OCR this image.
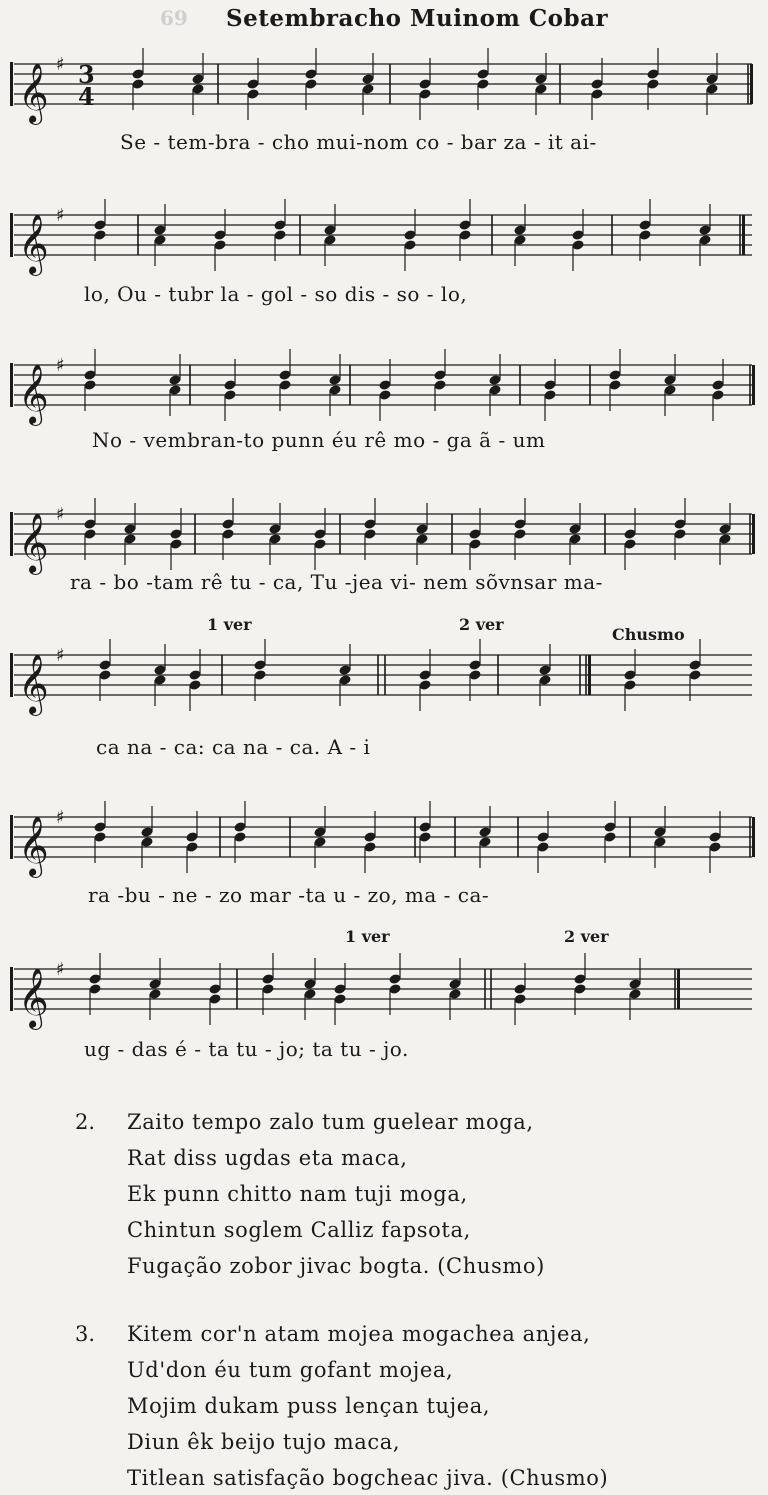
69 Setembracho Muinom Cobar
𝄞 ♯ 3
4
Se - tem-bra - cho mui-nom co - bar za - it ai-
𝄞 ♯
lo, Ou - tubr la - gol - so dis - so - lo,
𝄞 ♯
No - vembran-to punn éu rê mo - ga ã - um
𝄞 ♯
ra - bo -tam rê tu - ca, Tu -jea vi- nem sõvnsar ma-
1 ver	2 ver
Chusmo
𝄞 ♯
ca na - ca: ca na - ca. A - i
𝄞 ♯
ra -bu - ne - zo mar -ta u - zo, ma - ca-
1 ver	2 ver
𝄞 ♯
ug - das é - ta tu - jo; ta tu - jo.
2. Zaito tempo zalo tum guelear moga,
Rat diss ugdas eta maca,
Ek punn chitto nam tuji moga,
Chintun soglem Calliz fapsota,
Fugação zobor jivac bogta. (Chusmo)
3. Kitem cor'n atam mojea mogachea anjea,
Ud'don éu tum gofant mojea,
Mojim dukam puss lençan tujea,
Diun êk beijo tujo maca,
Titlean satisfação bogcheac jiva. (Chusmo)
